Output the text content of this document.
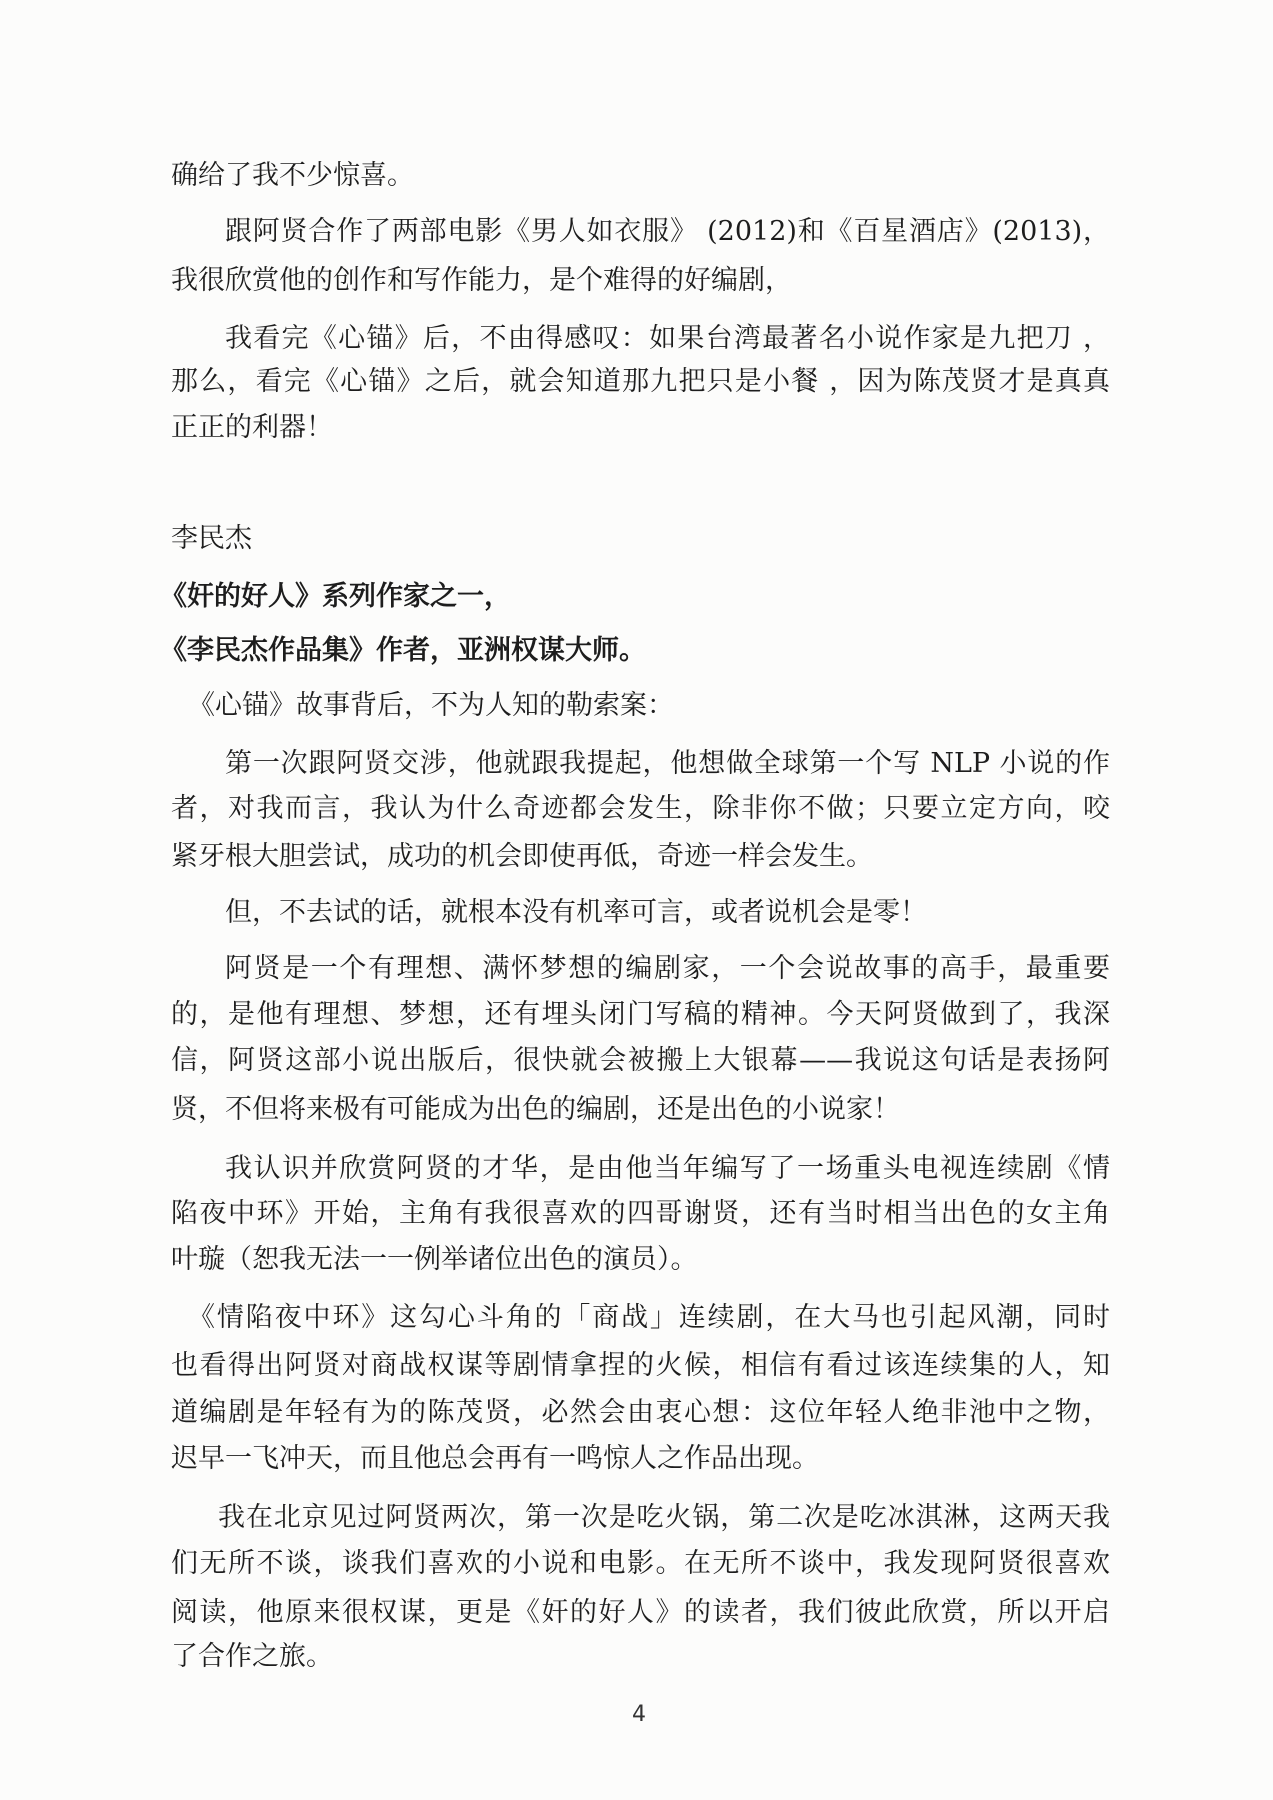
确给了我不少惊喜。
跟阿贤合作了两部电影《男人如衣服》 (2012)和《百星酒店》(2013)，
我很欣赏他的创作和写作能力，是个难得的好编剧，
我看完《心锚》后，不由得感叹：如果台湾最著名小说作家是九把刀 ，
那么，看完《心锚》之后，就会知道那九把只是小餐 ，因为陈茂贤才是真真
正正的利器！
李民杰
《奸的好人》系列作家之一，
《李民杰作品集》作者，亚洲权谋大师。
《心锚》故事背后，不为人知的勒索案：
第一次跟阿贤交涉，他就跟我提起，他想做全球第一个写 NLP 小说的作
者，对我而言，我认为什么奇迹都会发生，除非你不做；只要立定方向，咬
紧牙根大胆尝试，成功的机会即使再低，奇迹一样会发生。
但，不去试的话，就根本没有机率可言，或者说机会是零！
阿贤是一个有理想、满怀梦想的编剧家，一个会说故事的高手，最重要
的，是他有理想、梦想，还有埋头闭门写稿的精神。今天阿贤做到了，我深
信，阿贤这部小说出版后，很快就会被搬上大银幕——我说这句话是表扬阿
贤，不但将来极有可能成为出色的编剧，还是出色的小说家！
我认识并欣赏阿贤的才华，是由他当年编写了一场重头电视连续剧《情
陷夜中环》开始，主角有我很喜欢的四哥谢贤，还有当时相当出色的女主角
叶璇（恕我无法一一例举诸位出色的演员）。
《情陷夜中环》这勾心斗角的「商战」连续剧，在大马也引起风潮，同时
也看得出阿贤对商战权谋等剧情拿捏的火候，相信有看过该连续集的人，知
道编剧是年轻有为的陈茂贤，必然会由衷心想：这位年轻人绝非池中之物，
迟早一飞冲天，而且他总会再有一鸣惊人之作品出现。
我在北京见过阿贤两次，第一次是吃火锅，第二次是吃冰淇淋，这两天我
们无所不谈，谈我们喜欢的小说和电影。在无所不谈中，我发现阿贤很喜欢
阅读，他原来很权谋，更是《奸的好人》的读者，我们彼此欣赏，所以开启
了合作之旅。
4
